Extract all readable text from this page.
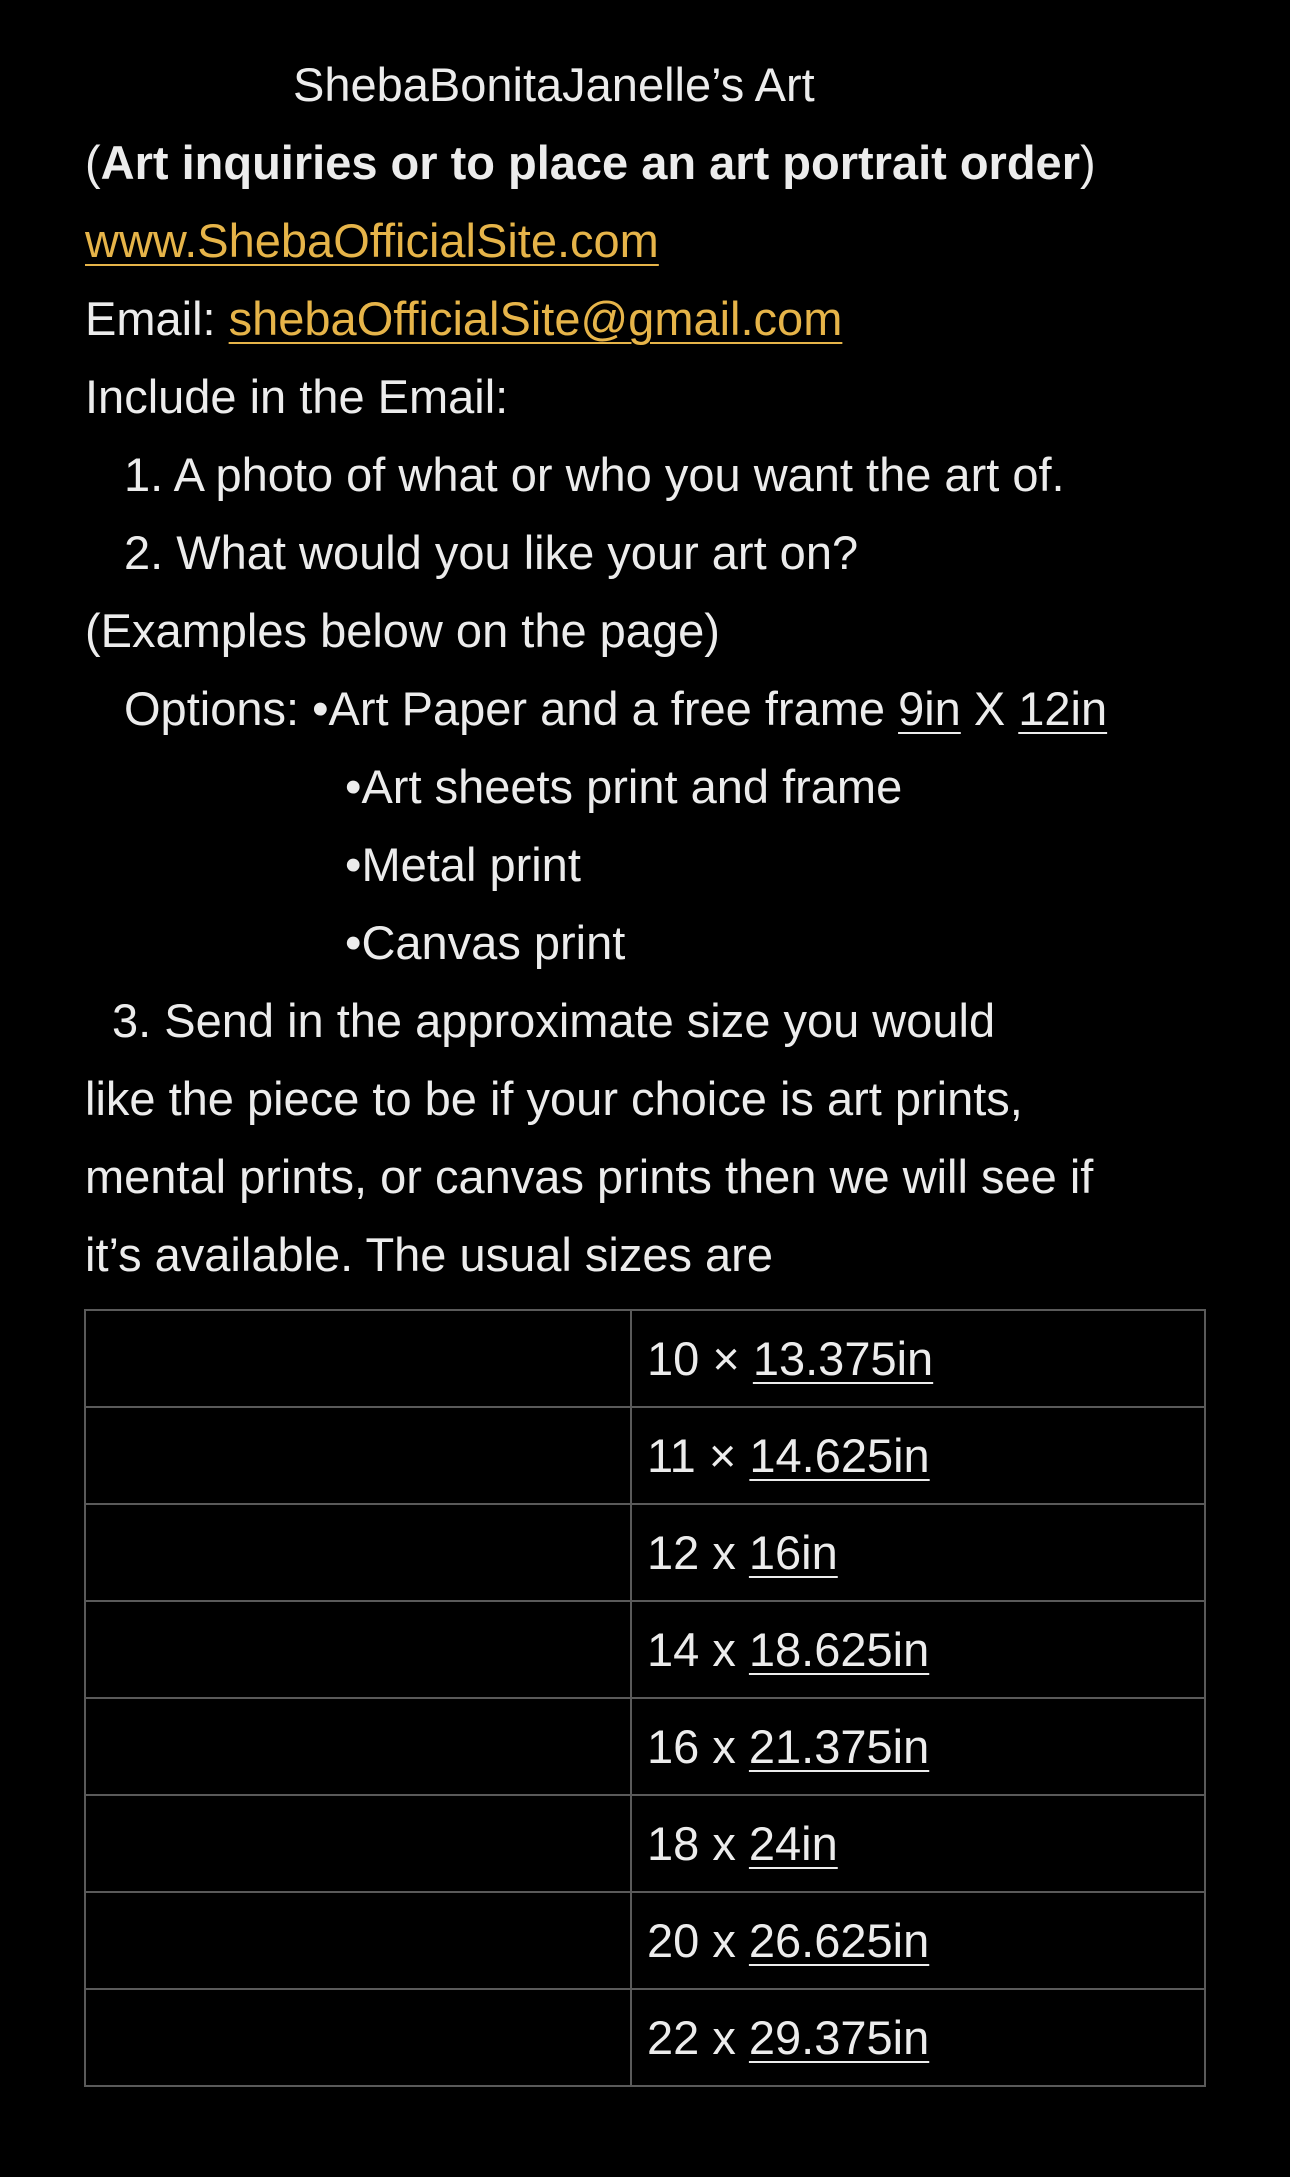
ShebaBonitaJanelle’s Art
(Art inquiries or to place an art portrait order)
www.ShebaOfficialSite.com
Email: shebaOfficialSite@gmail.com
Include in the Email:
1. A photo of what or who you want the art of.
2. What would you like your art on?
(Examples below on the page)
Options: •Art Paper and a free frame 9in X 12in
•Art sheets print and frame
•Metal print
•Canvas print
3. Send in the approximate size you would
like the piece to be if your choice is art prints,
mental prints, or canvas prints then we will see if
it’s available. The usual sizes are
	10 × 13.375in
	11 × 14.625in
	12 x 16in
	14 x 18.625in
	16 x 21.375in
	18 x 24in
	20 x 26.625in
	22 x 29.375in
